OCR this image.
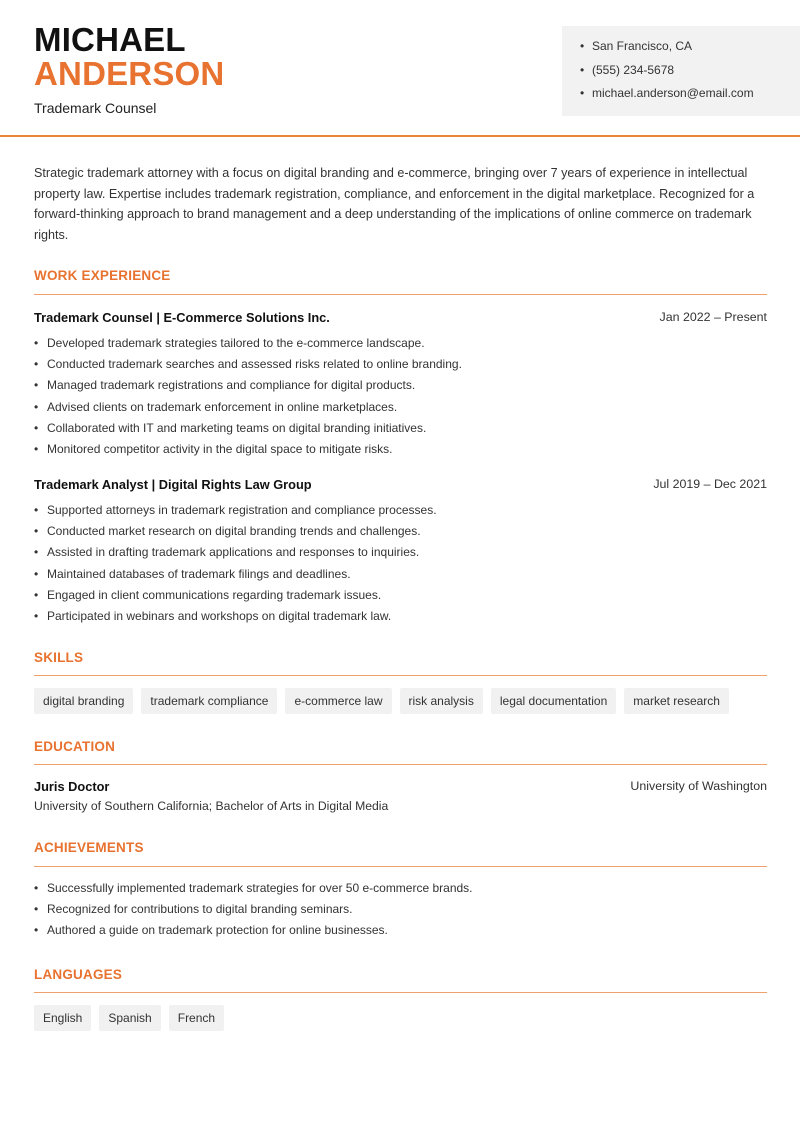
MICHAEL
ANDERSON
Trademark Counsel
• San Francisco, CA
• (555) 234-5678
• michael.anderson@email.com
Strategic trademark attorney with a focus on digital branding and e-commerce, bringing over 7 years of experience in intellectual property law. Expertise includes trademark registration, compliance, and enforcement in the digital marketplace. Recognized for a forward-thinking approach to brand management and a deep understanding of the implications of online commerce on trademark rights.
WORK EXPERIENCE
Trademark Counsel | E-Commerce Solutions Inc.	Jan 2022 – Present
• Developed trademark strategies tailored to the e-commerce landscape.
• Conducted trademark searches and assessed risks related to online branding.
• Managed trademark registrations and compliance for digital products.
• Advised clients on trademark enforcement in online marketplaces.
• Collaborated with IT and marketing teams on digital branding initiatives.
• Monitored competitor activity in the digital space to mitigate risks.
Trademark Analyst | Digital Rights Law Group	Jul 2019 – Dec 2021
• Supported attorneys in trademark registration and compliance processes.
• Conducted market research on digital branding trends and challenges.
• Assisted in drafting trademark applications and responses to inquiries.
• Maintained databases of trademark filings and deadlines.
• Engaged in client communications regarding trademark issues.
• Participated in webinars and workshops on digital trademark law.
SKILLS
digital branding	trademark compliance	e-commerce law	risk analysis	legal documentation	market research
EDUCATION
Juris Doctor	University of Washington
University of Southern California; Bachelor of Arts in Digital Media
ACHIEVEMENTS
• Successfully implemented trademark strategies for over 50 e-commerce brands.
• Recognized for contributions to digital branding seminars.
• Authored a guide on trademark protection for online businesses.
LANGUAGES
English	Spanish	French
